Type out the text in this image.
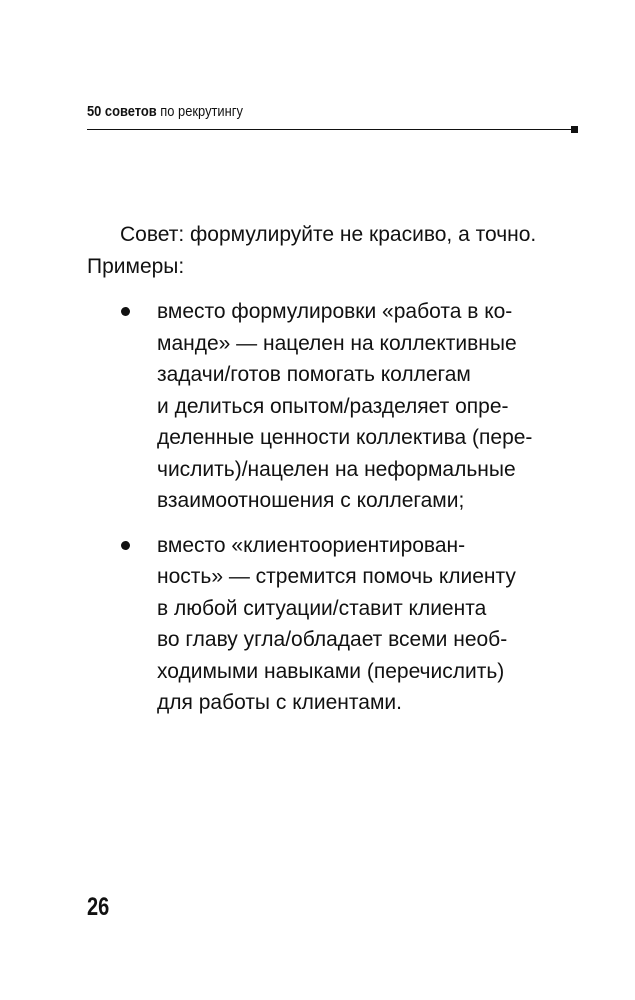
50 советов по рекрутингу

Совет: формулируйте не красиво, а точно.
Примеры:

вместо формулировки «работа в ко-
манде» — нацелен на коллективные
задачи/готов помогать коллегам
и делиться опытом/разделяет опре-
деленные ценности коллектива (пере-
числить)/нацелен на неформальные
взаимоотношения с коллегами;
вместо «клиентоориентирован-
ность» — стремится помочь клиенту
в любой ситуации/ставит клиента
во главу угла/обладает всеми необ-
ходимыми навыками (перечислить)
для работы с клиентами.
26
